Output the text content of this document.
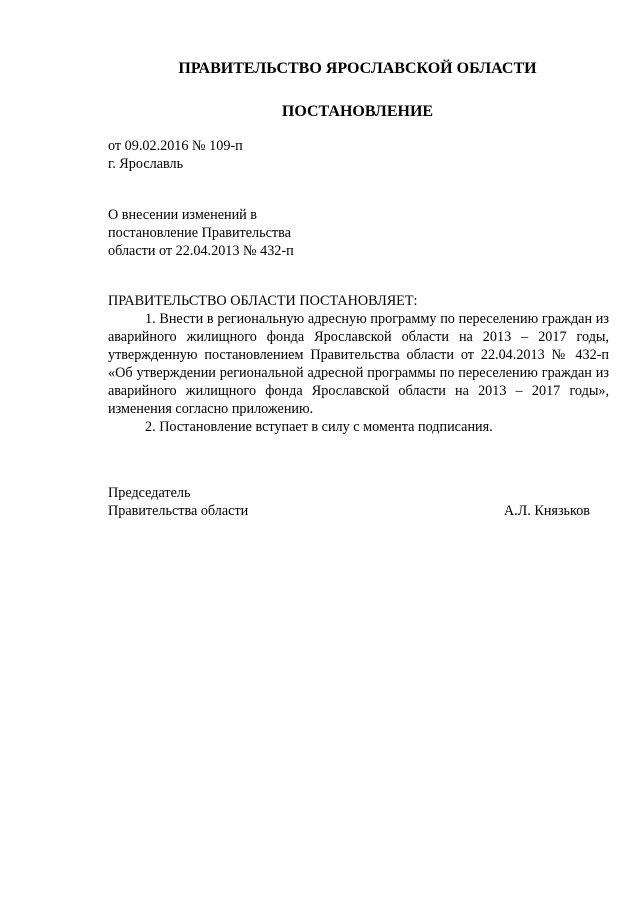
ПРАВИТЕЛЬСТВО ЯРОСЛАВСКОЙ ОБЛАСТИ
ПОСТАНОВЛЕНИЕ
от 09.02.2016 № 109-п
г. Ярославль
О внесении изменений в
постановление Правительства
области от 22.04.2013 № 432-п

ПРАВИТЕЛЬСТВО ОБЛАСТИ ПОСТАНОВЛЯЕТ:

1. Внести в региональную адресную программу по переселению граждан из аварийного жилищного фонда Ярославской области на 2013 – 2017 годы, утвержденную постановлением Правительства области от 22.04.2013 № 432-п «Об утверждении региональной адресной программы по переселению граждан из аварийного жилищного фонда Ярославской области на 2013 – 2017 годы», изменения согласно приложению.

2. Постановление вступает в силу с момента подписания.

Председатель
Правительства области	А.Л. Князьков
